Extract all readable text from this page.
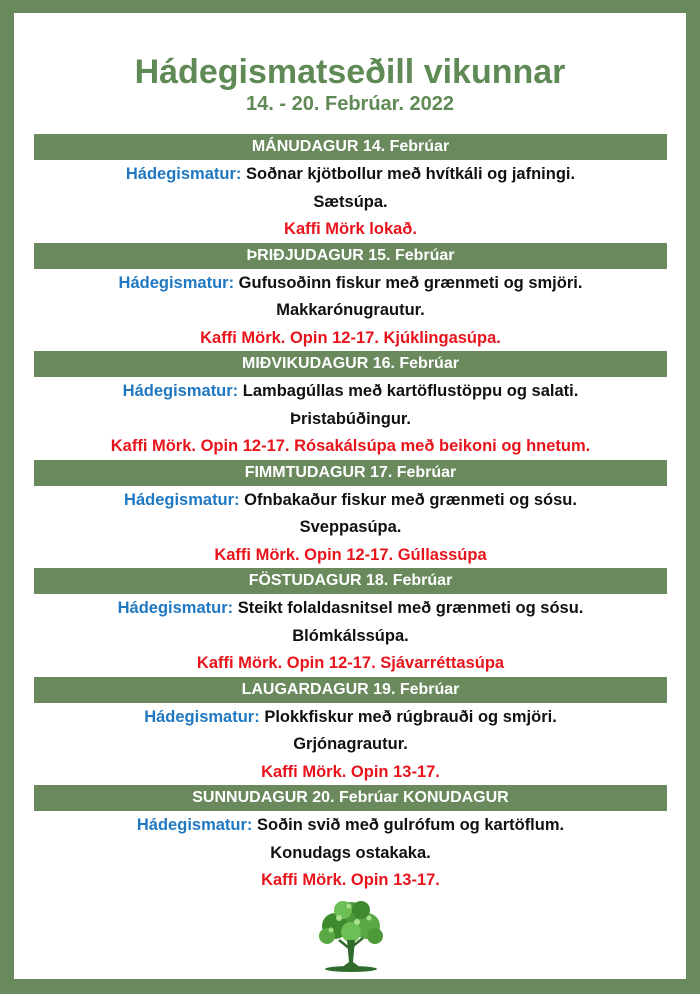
Hádegismatseðill vikunnar
14. - 20. Febrúar. 2022
MÁNUDAGUR 14. Febrúar
Hádegismatur: Soðnar kjötbollur með hvítkáli og jafningi.
Sætsúpa.
Kaffi Mörk lokað.
ÞRIÐJUDAGUR 15. Febrúar
Hádegismatur: Gufusoðinn fiskur með grænmeti og smjöri.
Makkarónugrautur.
Kaffi Mörk. Opin 12-17. Kjúklingasúpa.
MIÐVIKUDAGUR 16. Febrúar
Hádegismatur: Lambagúllas með kartöflustöppu og salati.
Þristabúðingur.
Kaffi Mörk. Opin 12-17. Rósakálsúpa með beikoni og hnetum.
FIMMTUDAGUR 17. Febrúar
Hádegismatur: Ofnbakaður fiskur með grænmeti og sósu.
Sveppasúpa.
Kaffi Mörk. Opin 12-17. Gúllassúpa
FÖSTUDAGUR 18. Febrúar
Hádegismatur: Steikt folaldasnitsel með grænmeti og sósu.
Blómkálssúpa.
Kaffi Mörk. Opin 12-17. Sjávarréttasúpa
LAUGARDAGUR 19. Febrúar
Hádegismatur: Plokkfiskur með rúgbrauði og smjöri.
Grjónagrautur.
Kaffi Mörk. Opin 13-17.
SUNNUDAGUR 20. Febrúar KONUDAGUR
Hádegismatur: Soðin svið með gulrófum og kartöflum.
Konudags ostakaka.
Kaffi Mörk. Opin 13-17.
